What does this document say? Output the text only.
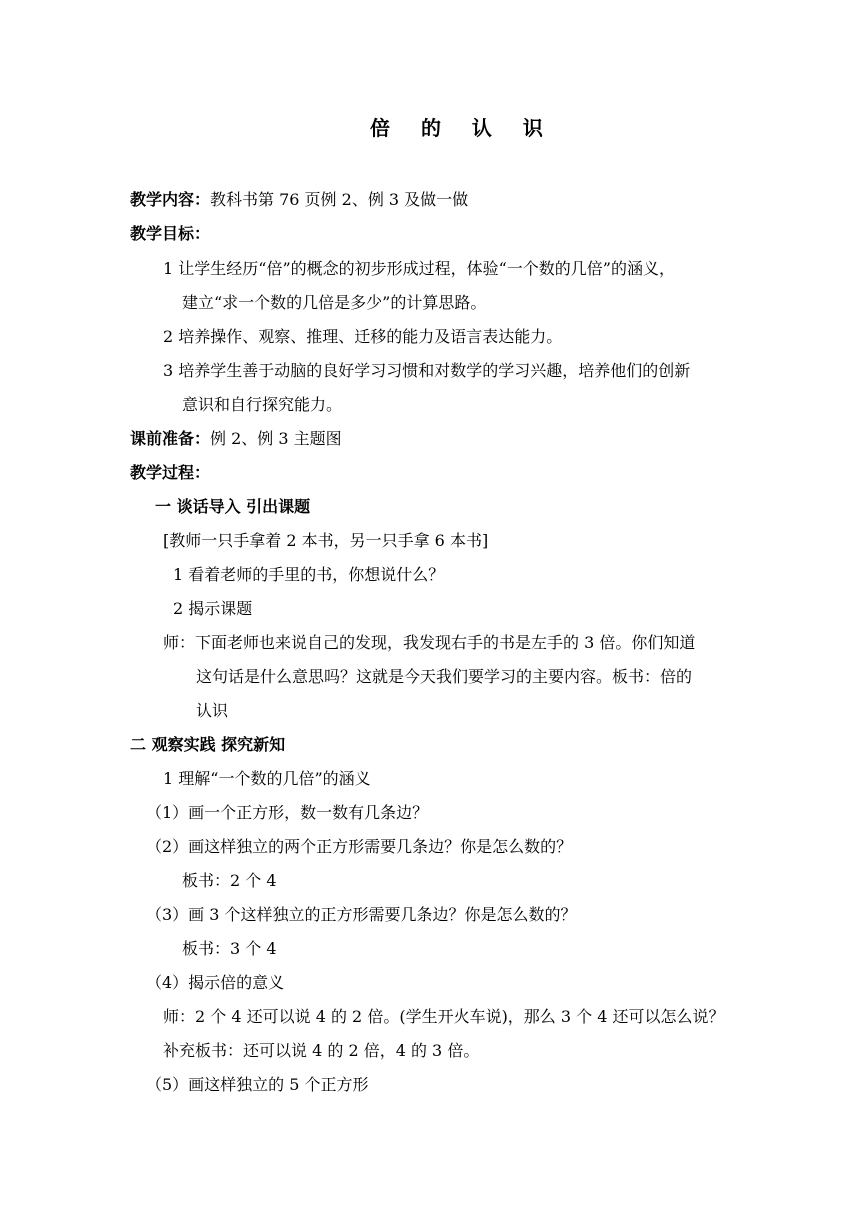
倍 的 认 识
教学内容：教科书第 76 页例 2、例 3 及做一做
教学目标：
1 让学生经历“倍”的概念的初步形成过程，体验“一个数的几倍”的涵义，
建立“求一个数的几倍是多少”的计算思路。
2 培养操作、观察、推理、迁移的能力及语言表达能力。
3 培养学生善于动脑的良好学习习惯和对数学的学习兴趣，培养他们的创新
意识和自行探究能力。
课前准备：例 2、例 3 主题图
教学过程：
一 谈话导入 引出课题
[教师一只手拿着 2 本书，另一只手拿 6 本书]
1 看着老师的手里的书，你想说什么？
2 揭示课题
师：下面老师也来说自己的发现，我发现右手的书是左手的 3 倍。你们知道
这句话是什么意思吗？这就是今天我们要学习的主要内容。板书：倍的
认识
二 观察实践 探究新知
1 理解“一个数的几倍”的涵义
（1）画一个正方形，数一数有几条边？
（2）画这样独立的两个正方形需要几条边？你是怎么数的？
板书：2 个 4
（3）画 3 个这样独立的正方形需要几条边？你是怎么数的？
板书：3 个 4
（4）揭示倍的意义
师：2 个 4 还可以说 4 的 2 倍。(学生开火车说)，那么 3 个 4 还可以怎么说？
补充板书：还可以说 4 的 2 倍，4 的 3 倍。
（5）画这样独立的 5 个正方形
